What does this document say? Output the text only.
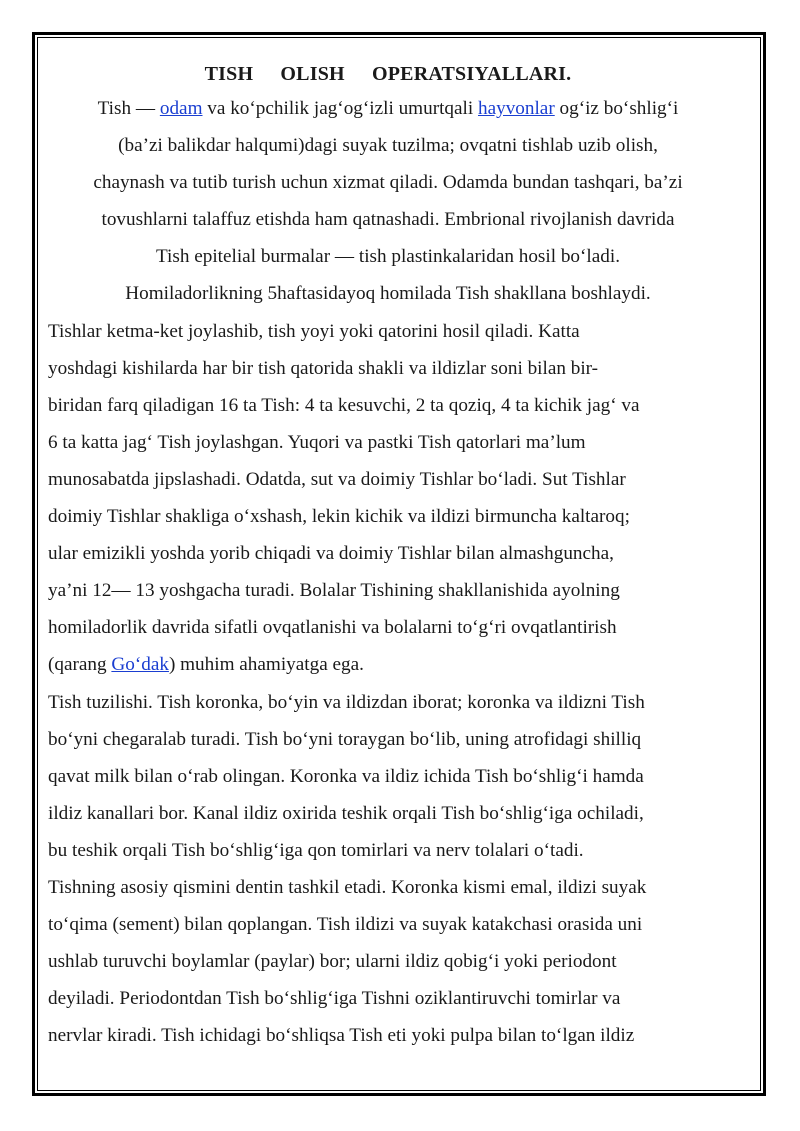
TISH OLISH OPERATSIYALLARI.
Tish — odam va ko‘pchilik jag‘og‘izli umurtqali hayvonlar og‘iz bo‘shlig‘i
(ba’zi balikdar halqumi)dagi suyak tuzilma; ovqatni tishlab uzib olish,
chaynash va tutib turish uchun xizmat qiladi. Odamda bundan tashqari, ba’zi
tovushlarni talaffuz etishda ham qatnashadi. Embrional rivojlanish davrida
Tish epitelial burmalar — tish plastinkalaridan hosil bo‘ladi.
Homiladorlikning 5haftasidayoq homilada Tish shakllana boshlaydi.
Tishlar ketma-ket joylashib, tish yoyi yoki qatorini hosil qiladi. Katta
yoshdagi kishilarda har bir tish qatorida shakli va ildizlar soni bilan bir-
biridan farq qiladigan 16 ta Tish: 4 ta kesuvchi, 2 ta qoziq, 4 ta kichik jag‘ va
6 ta katta jag‘ Tish joylashgan. Yuqori va pastki Tish qatorlari ma’lum
munosabatda jipslashadi. Odatda, sut va doimiy Tishlar bo‘ladi. Sut Tishlar
doimiy Tishlar shakliga o‘xshash, lekin kichik va ildizi birmuncha kaltaroq;
ular emizikli yoshda yorib chiqadi va doimiy Tishlar bilan almashguncha,
ya’ni 12— 13 yoshgacha turadi. Bolalar Tishining shakllanishida ayolning
homiladorlik davrida sifatli ovqatlanishi va bolalarni to‘g‘ri ovqatlantirish
(qarang Go‘dak) muhim ahamiyatga ega.
Tish tuzilishi. Tish koronka, bo‘yin va ildizdan iborat; koronka va ildizni Tish
bo‘yni chegaralab turadi. Tish bo‘yni toraygan bo‘lib, uning atrofidagi shilliq
qavat milk bilan o‘rab olingan. Koronka va ildiz ichida Tish bo‘shlig‘i hamda
ildiz kanallari bor. Kanal ildiz oxirida teshik orqali Tish bo‘shlig‘iga ochiladi,
bu teshik orqali Tish bo‘shlig‘iga qon tomirlari va nerv tolalari o‘tadi.
Tishning asosiy qismini dentin tashkil etadi. Koronka kismi emal, ildizi suyak
to‘qima (sement) bilan qoplangan. Tish ildizi va suyak katakchasi orasida uni
ushlab turuvchi boylamlar (paylar) bor; ularni ildiz qobig‘i yoki periodont
deyiladi. Periodontdan Tish bo‘shlig‘iga Tishni oziklantiruvchi tomirlar va
nervlar kiradi. Tish ichidagi bo‘shliqsa Tish eti yoki pulpa bilan to‘lgan ildiz
